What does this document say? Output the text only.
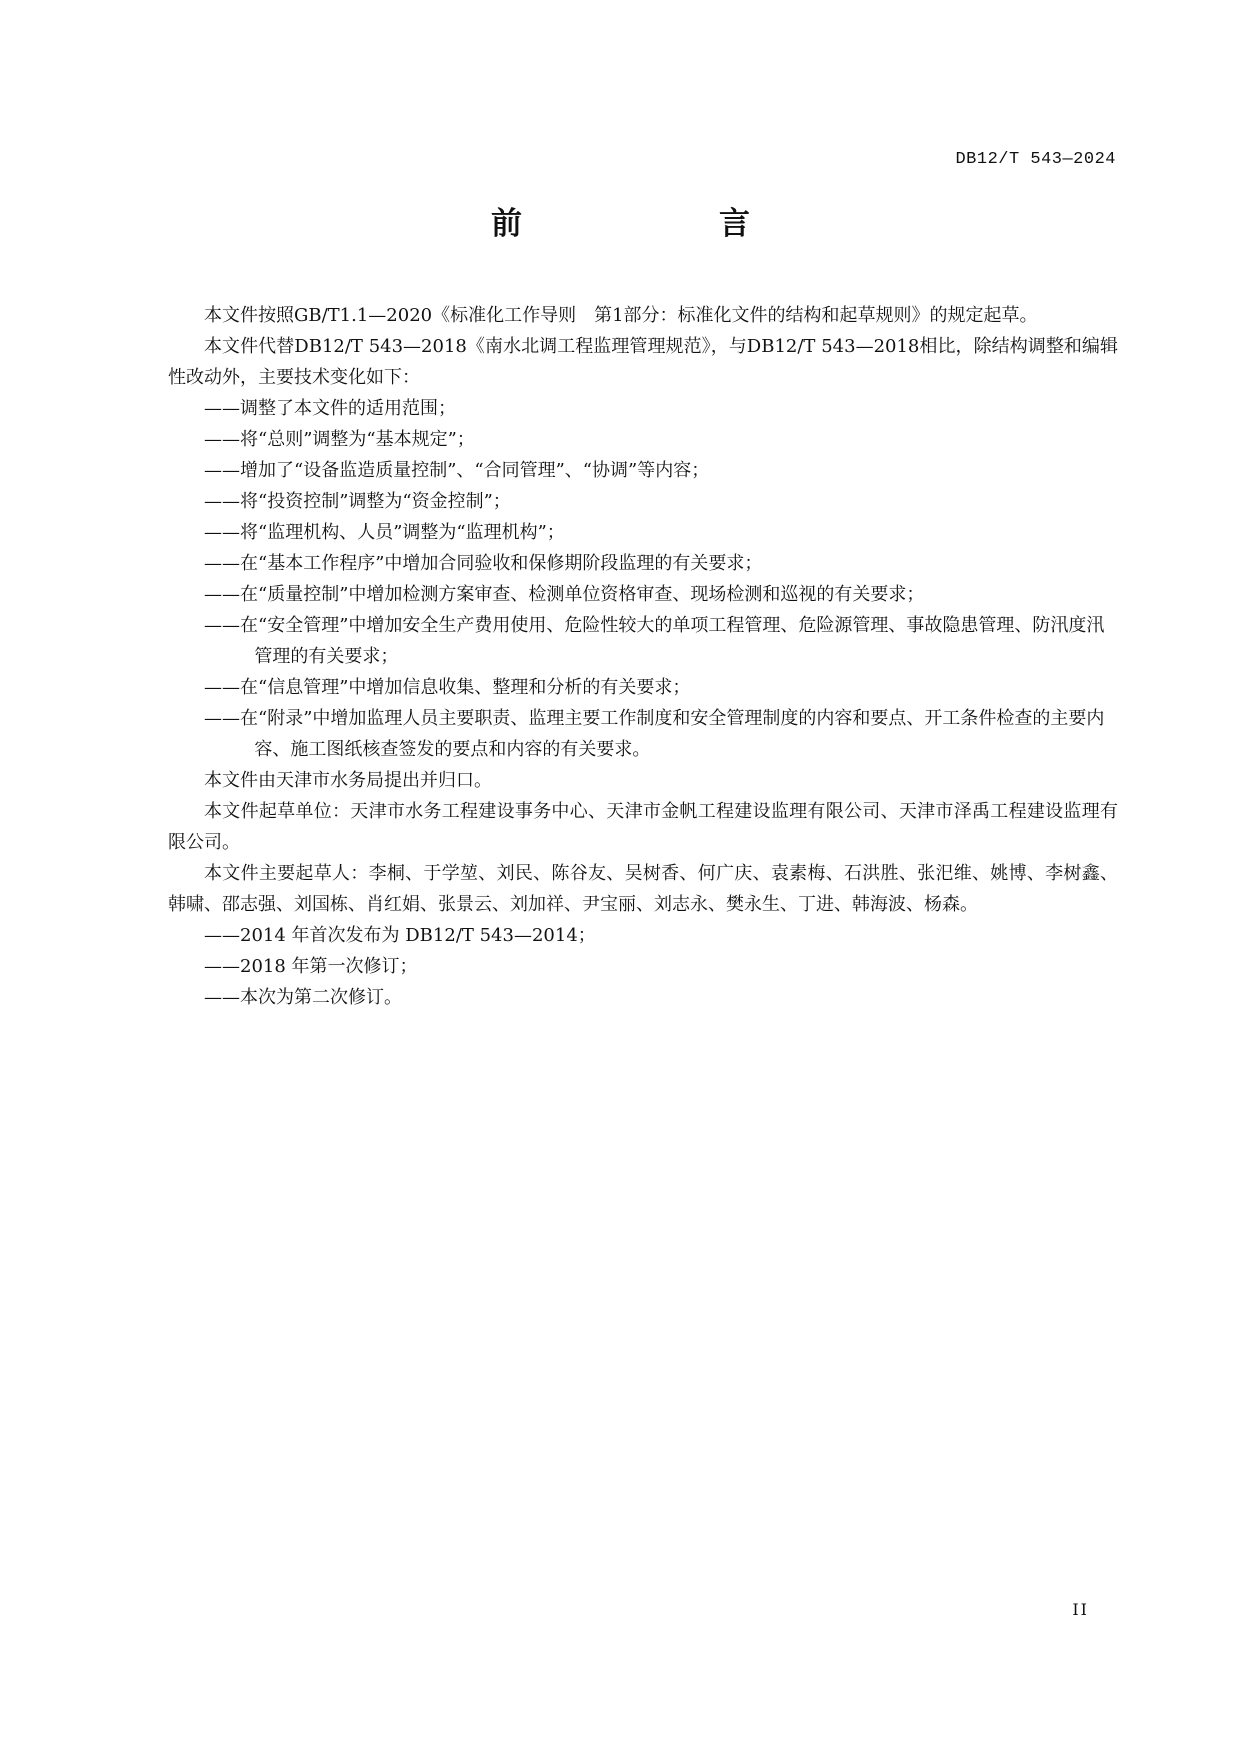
DB12/T 543—2024
前　　言

本文件按照GB/T1.1—2020《标准化工作导则　第1部分：标准化文件的结构和起草规则》的规定起草。

本文件代替DB12/T 543—2018《南水北调工程监理管理规范》，与DB12/T 543—2018相比，除结构调整和编辑性改动外，主要技术变化如下：

——调整了本文件的适用范围；

——将“总则”调整为“基本规定”；

——增加了“设备监造质量控制”、“合同管理”、“协调”等内容；

——将“投资控制”调整为“资金控制”；

——将“监理机构、人员”调整为“监理机构”；

——在“基本工作程序”中增加合同验收和保修期阶段监理的有关要求；

——在“质量控制”中增加检测方案审查、检测单位资格审查、现场检测和巡视的有关要求；

——在“安全管理”中增加安全生产费用使用、危险性较大的单项工程管理、危险源管理、事故隐患管理、防汛度汛管理的有关要求；

——在“信息管理”中增加信息收集、整理和分析的有关要求；

——在“附录”中增加监理人员主要职责、监理主要工作制度和安全管理制度的内容和要点、开工条件检查的主要内容、施工图纸核查签发的要点和内容的有关要求。

本文件由天津市水务局提出并归口。

本文件起草单位：天津市水务工程建设事务中心、天津市金帆工程建设监理有限公司、天津市泽禹工程建设监理有限公司。

本文件主要起草人：李桐、于学堃、刘民、陈谷友、吴树香、何广庆、袁素梅、石洪胜、张汜维、姚博、李树鑫、韩啸、邵志强、刘国栋、肖红娟、张景云、刘加祥、尹宝丽、刘志永、樊永生、丁进、韩海波、杨森。

——2014 年首次发布为 DB12/T 543—2014；

——2018 年第一次修订；

——本次为第二次修订。

II
